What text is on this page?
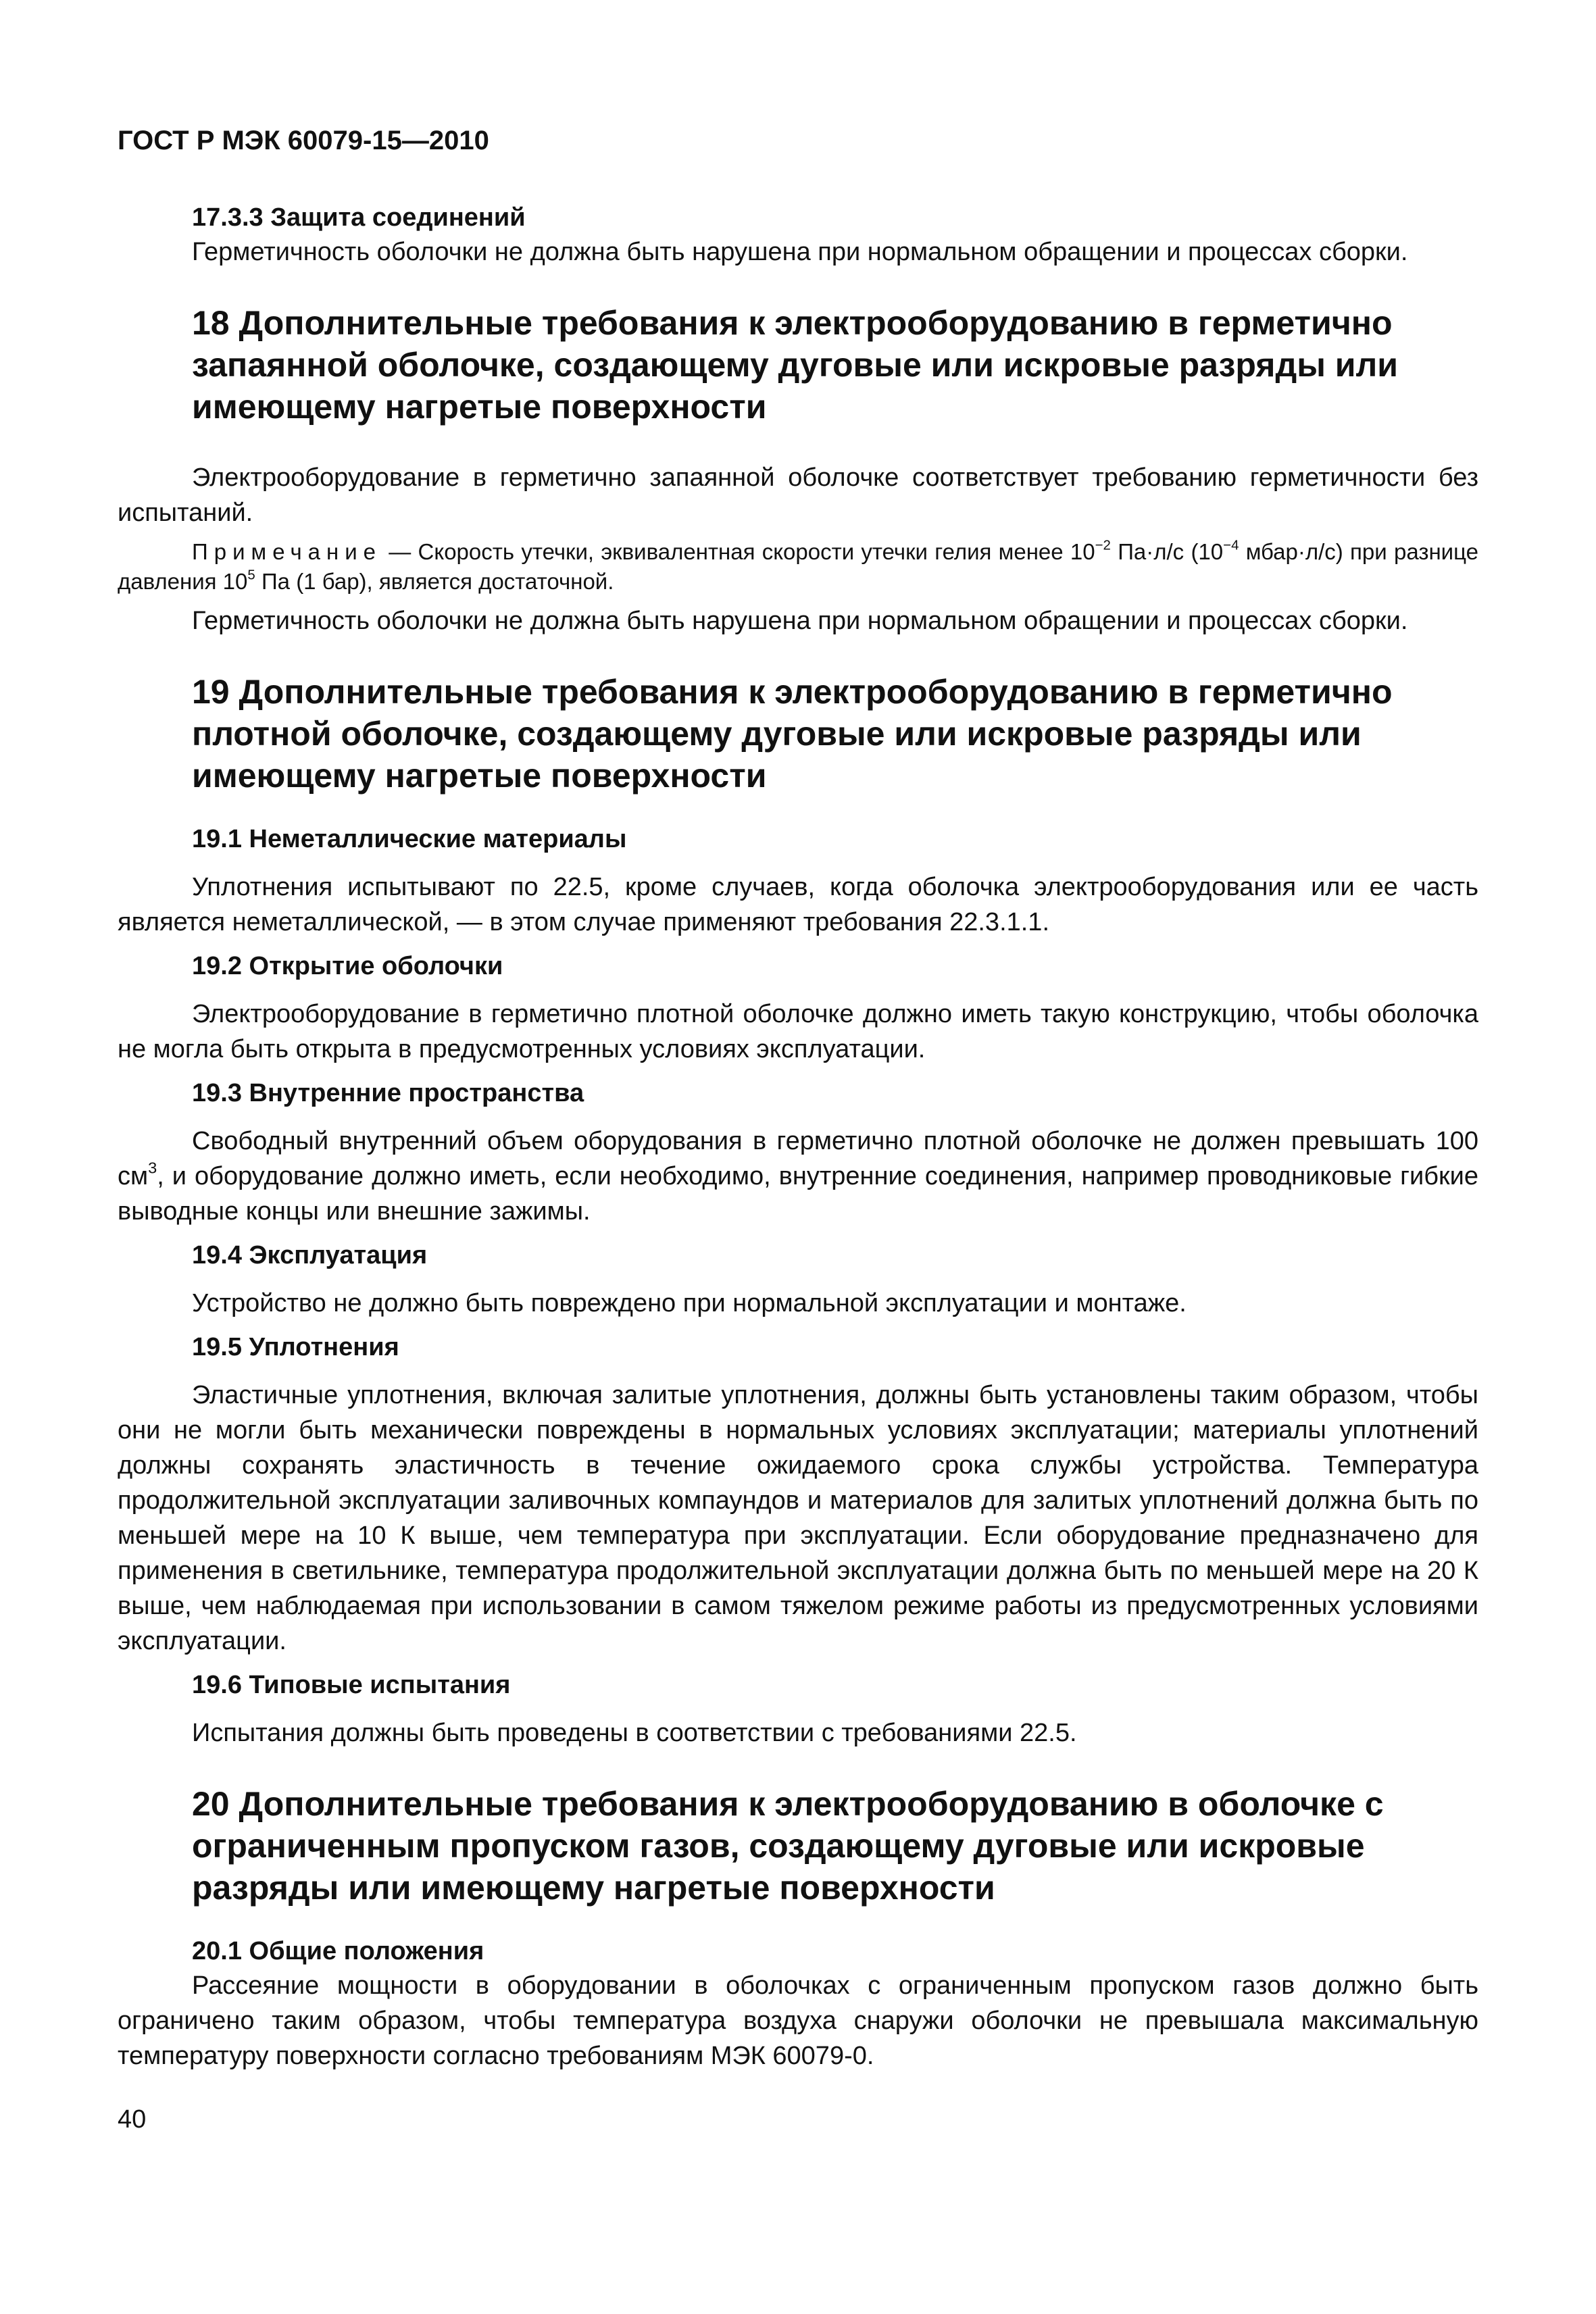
ГОСТ Р МЭК 60079-15—2010
17.3.3 Защита соединений

Герметичность оболочки не должна быть нарушена при нормальном обращении и процессах сборки.

18 Дополнительные требования к электрооборудованию в герметично запаянной оболочке, создающему дуговые или искровые разряды или имеющему нагретые поверхности

Электрооборудование в герметично запаянной оболочке соответствует требованию герметичности без испытаний.

Примечание — Скорость утечки, эквивалентная скорости утечки гелия менее $10^{-2}$ Па·л/с ($10^{-4}$ мбар·л/с) при разнице давления $10^5$ Па (1 бар), является достаточной.

Герметичность оболочки не должна быть нарушена при нормальном обращении и процессах сборки.

19 Дополнительные требования к электрооборудованию в герметично плотной оболочке, создающему дуговые или искровые разряды или имеющему нагретые поверхности
19.1 Неметаллические материалы

Уплотнения испытывают по 22.5, кроме случаев, когда оболочка электрооборудования или ее часть является неметаллической, — в этом случае применяют требования 22.3.1.1.

19.2 Открытие оболочки

Электрооборудование в герметично плотной оболочке должно иметь такую конструкцию, чтобы оболочка не могла быть открыта в предусмотренных условиях эксплуатации.

19.3 Внутренние пространства

Свободный внутренний объем оборудования в герметично плотной оболочке не должен превышать 100 $см^3$, и оборудование должно иметь, если необходимо, внутренние соединения, например проводниковые гибкие выводные концы или внешние зажимы.

19.4 Эксплуатация

Устройство не должно быть повреждено при нормальной эксплуатации и монтаже.

19.5 Уплотнения

Эластичные уплотнения, включая залитые уплотнения, должны быть установлены таким образом, чтобы они не могли быть механически повреждены в нормальных условиях эксплуатации; материалы уплотнений должны сохранять эластичность в течение ожидаемого срока службы устройства. Температура продолжительной эксплуатации заливочных компаундов и материалов для залитых уплотнений должна быть по меньшей мере на 10 К выше, чем температура при эксплуатации. Если оборудование предназначено для применения в светильнике, температура продолжительной эксплуатации должна быть по меньшей мере на 20 К выше, чем наблюдаемая при использовании в самом тяжелом режиме работы из предусмотренных условиями эксплуатации.

19.6 Типовые испытания

Испытания должны быть проведены в соответствии с требованиями 22.5.

20 Дополнительные требования к электрооборудованию в оболочке с ограниченным пропуском газов, создающему дуговые или искровые разряды или имеющему нагретые поверхности
20.1 Общие положения

Рассеяние мощности в оборудовании в оболочках с ограниченным пропуском газов должно быть ограничено таким образом, чтобы температура воздуха снаружи оболочки не превышала максимальную температуру поверхности согласно требованиям МЭК 60079-0.

40
